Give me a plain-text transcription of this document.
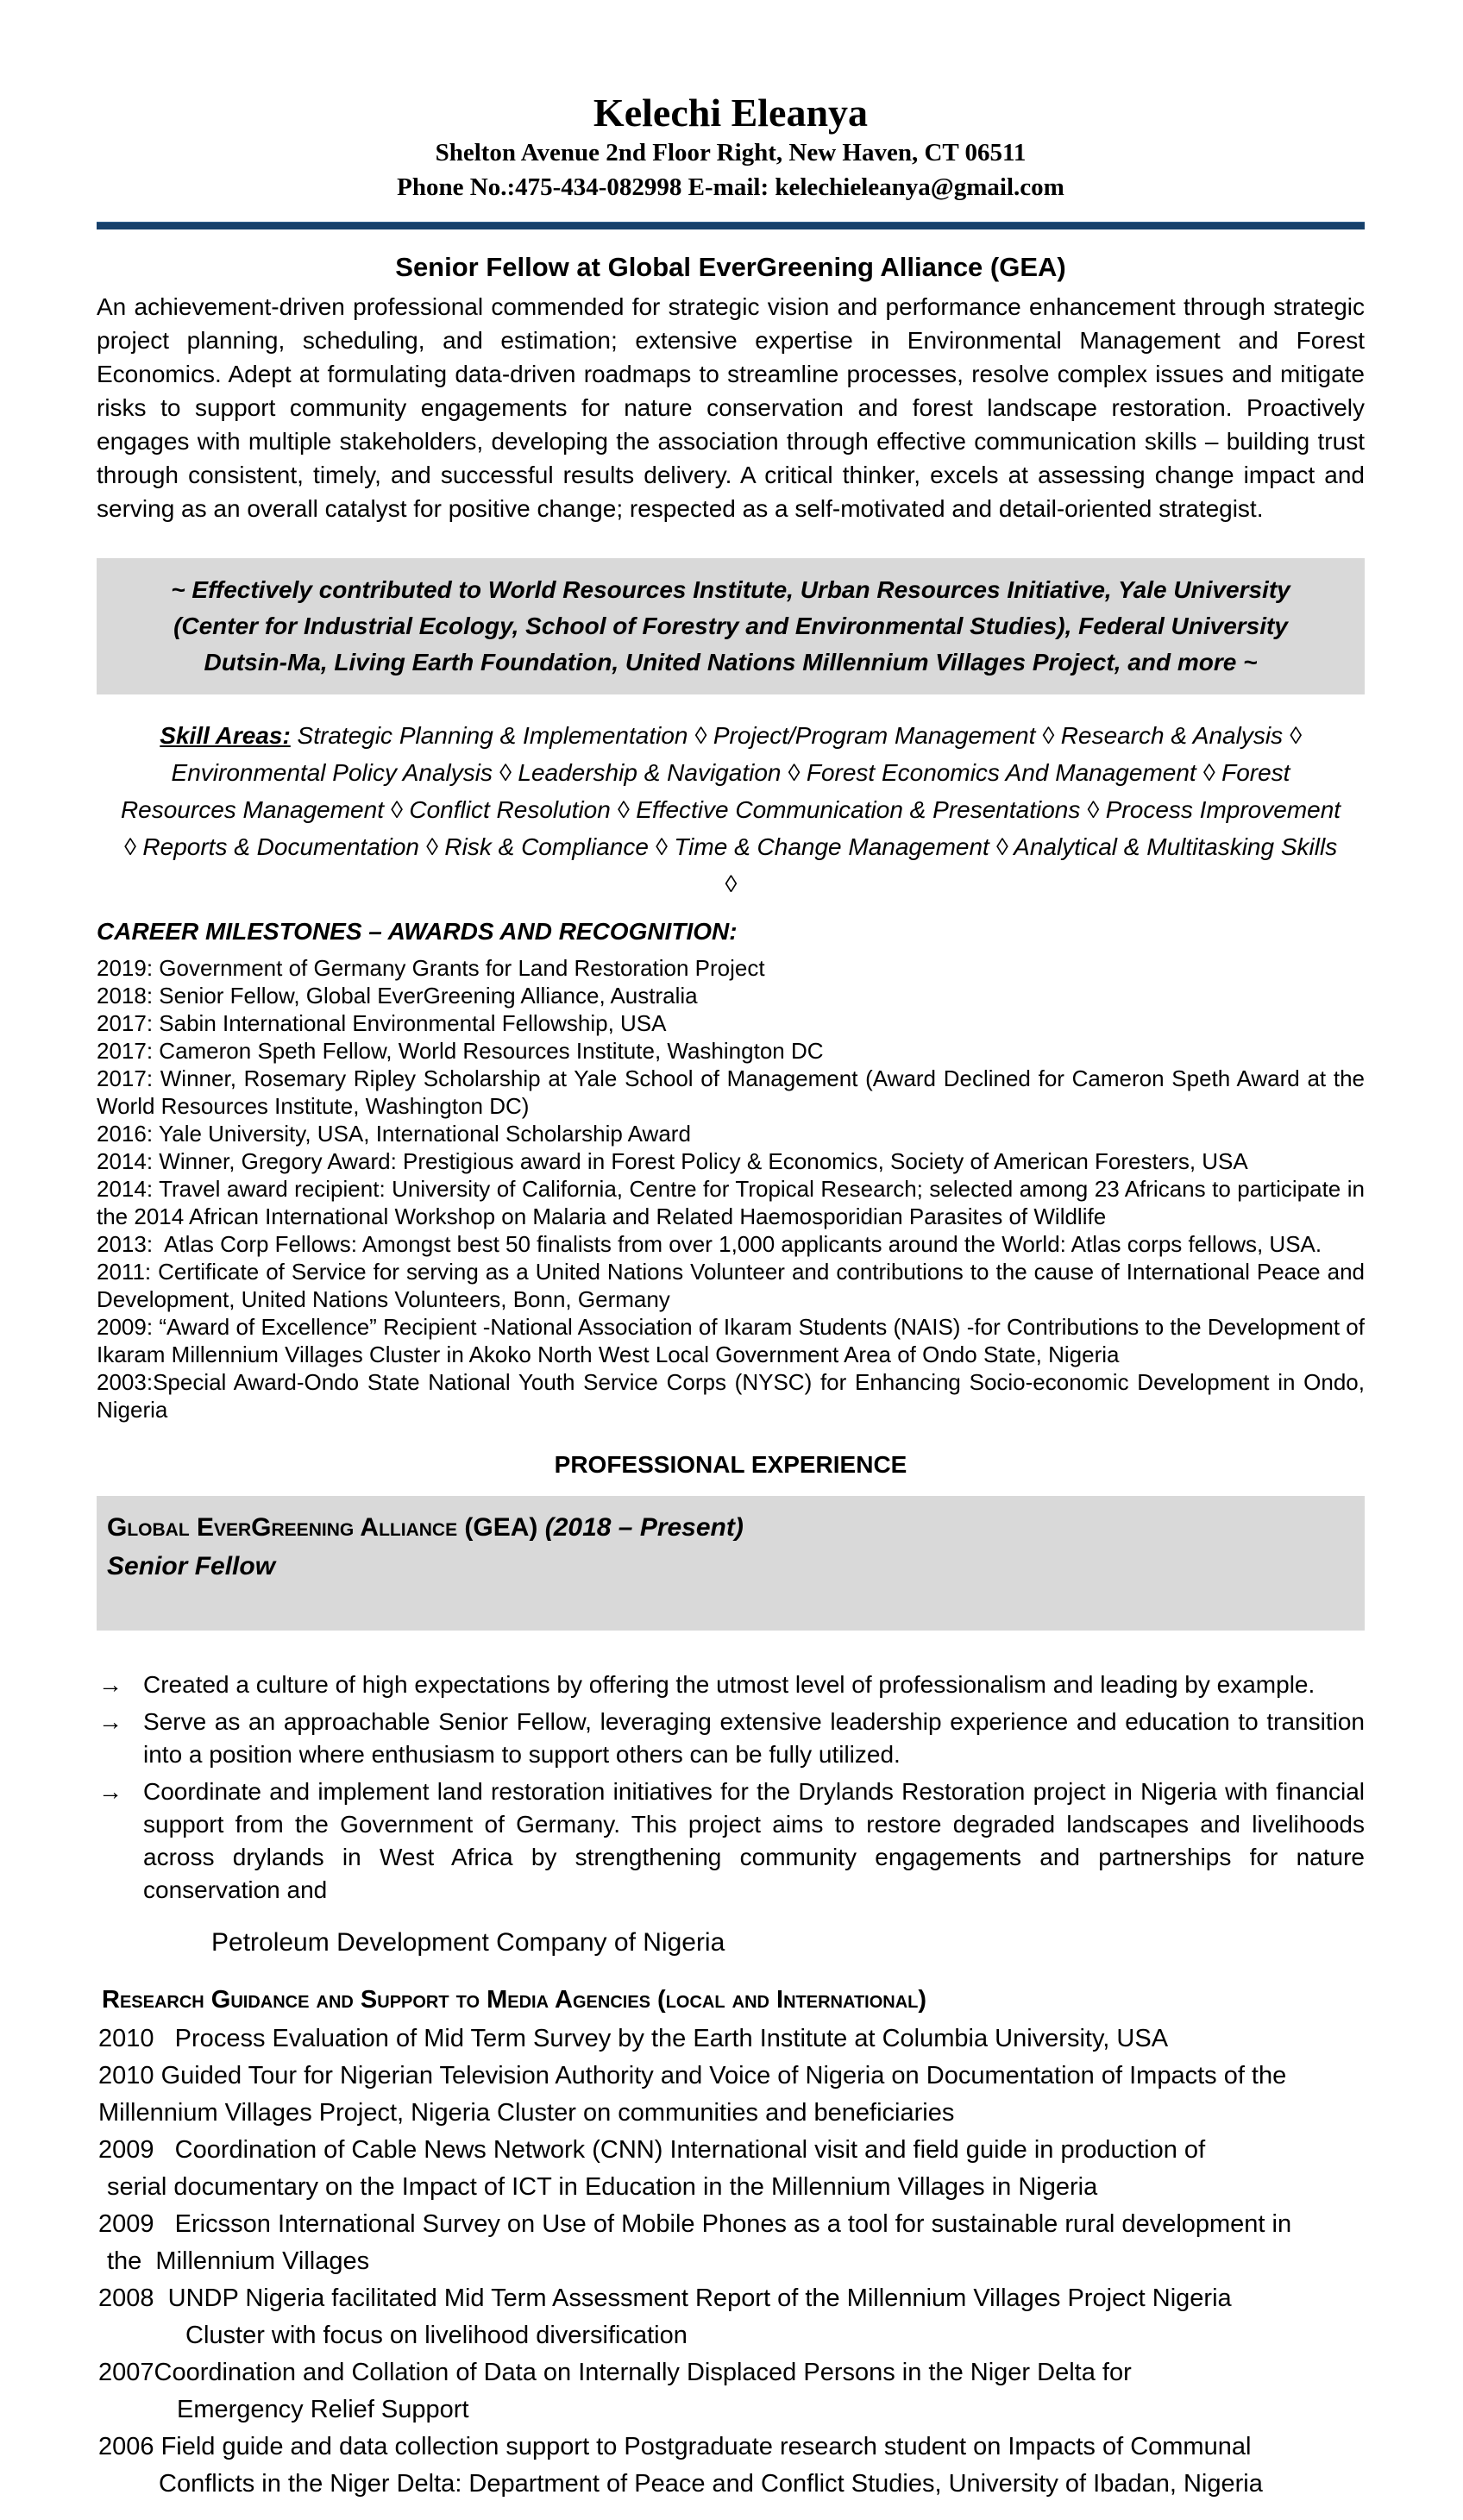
Kelechi Eleanya
Shelton Avenue 2nd Floor Right, New Haven, CT 06511
Phone No.:475-434-082998 E-mail: kelechieleanya@gmail.com
Senior Fellow at Global EverGreening Alliance (GEA)
An achievement-driven professional commended for strategic vision and performance enhancement through strategic project planning, scheduling, and estimation; extensive expertise in Environmental Management and Forest Economics. Adept at formulating data-driven roadmaps to streamline processes, resolve complex issues and mitigate risks to support community engagements for nature conservation and forest landscape restoration. Proactively engages with multiple stakeholders, developing the association through effective communication skills – building trust through consistent, timely, and successful results delivery. A critical thinker, excels at assessing change impact and serving as an overall catalyst for positive change; respected as a self-motivated and detail-oriented strategist.
~ Effectively contributed to World Resources Institute, Urban Resources Initiative, Yale University (Center for Industrial Ecology, School of Forestry and Environmental Studies), Federal University Dutsin-Ma, Living Earth Foundation, United Nations Millennium Villages Project, and more ~
Skill Areas: Strategic Planning & Implementation ◊ Project/Program Management ◊ Research & Analysis ◊ Environmental Policy Analysis ◊ Leadership & Navigation ◊ Forest Economics And Management ◊ Forest Resources Management ◊ Conflict Resolution ◊ Effective Communication & Presentations ◊ Process Improvement ◊ Reports & Documentation ◊ Risk & Compliance ◊ Time & Change Management ◊ Analytical & Multitasking Skills ◊
CAREER MILESTONES – AWARDS AND RECOGNITION:
2019: Government of Germany Grants for Land Restoration Project
2018: Senior Fellow, Global EverGreening Alliance, Australia
2017: Sabin International Environmental Fellowship, USA
2017: Cameron Speth Fellow, World Resources Institute, Washington DC
2017: Winner, Rosemary Ripley Scholarship at Yale School of Management (Award Declined for Cameron Speth Award at the World Resources Institute, Washington DC)
2016: Yale University, USA, International Scholarship Award
2014: Winner, Gregory Award: Prestigious award in Forest Policy & Economics, Society of American Foresters, USA
2014: Travel award recipient: University of California, Centre for Tropical Research; selected among 23 Africans to participate in the 2014 African International Workshop on Malaria and Related Haemosporidian Parasites of Wildlife
2013:  Atlas Corp Fellows: Amongst best 50 finalists from over 1,000 applicants around the World: Atlas corps fellows, USA.
2011: Certificate of Service for serving as a United Nations Volunteer and contributions to the cause of International Peace and Development, United Nations Volunteers, Bonn, Germany
2009: “Award of Excellence” Recipient -National Association of Ikaram Students (NAIS) -for Contributions to the Development of Ikaram Millennium Villages Cluster in Akoko North West Local Government Area of Ondo State, Nigeria
2003:Special Award-Ondo State National Youth Service Corps (NYSC) for Enhancing Socio-economic Development in Ondo, Nigeria
PROFESSIONAL EXPERIENCE
Global EverGreening Alliance (GEA) (2018 – Present)
Senior Fellow
→ Created a culture of high expectations by offering the utmost level of professionalism and leading by example.
→ Serve as an approachable Senior Fellow, leveraging extensive leadership experience and education to transition into a position where enthusiasm to support others can be fully utilized.
→ Coordinate and implement land restoration initiatives for the Drylands Restoration project in Nigeria with financial support from the Government of Germany. This project aims to restore degraded landscapes and livelihoods across drylands in West Africa by strengthening community engagements and partnerships for nature conservation and
Petroleum Development Company of Nigeria
Research Guidance and Support to Media Agencies (local and International)
2010   Process Evaluation of Mid Term Survey by the Earth Institute at Columbia University, USA
2010 Guided Tour for Nigerian Television Authority and Voice of Nigeria on Documentation of Impacts of the
Millennium Villages Project, Nigeria Cluster on communities and beneficiaries
2009   Coordination of Cable News Network (CNN) International visit and field guide in production of
serial documentary on the Impact of ICT in Education in the Millennium Villages in Nigeria
2009   Ericsson International Survey on Use of Mobile Phones as a tool for sustainable rural development in
the  Millennium Villages
2008  UNDP Nigeria facilitated Mid Term Assessment Report of the Millennium Villages Project Nigeria
Cluster with focus on livelihood diversification
2007Coordination and Collation of Data on Internally Displaced Persons in the Niger Delta for
Emergency Relief Support
2006 Field guide and data collection support to Postgraduate research student on Impacts of Communal
Conflicts in the Niger Delta: Department of Peace and Conflict Studies, University of Ibadan, Nigeria
